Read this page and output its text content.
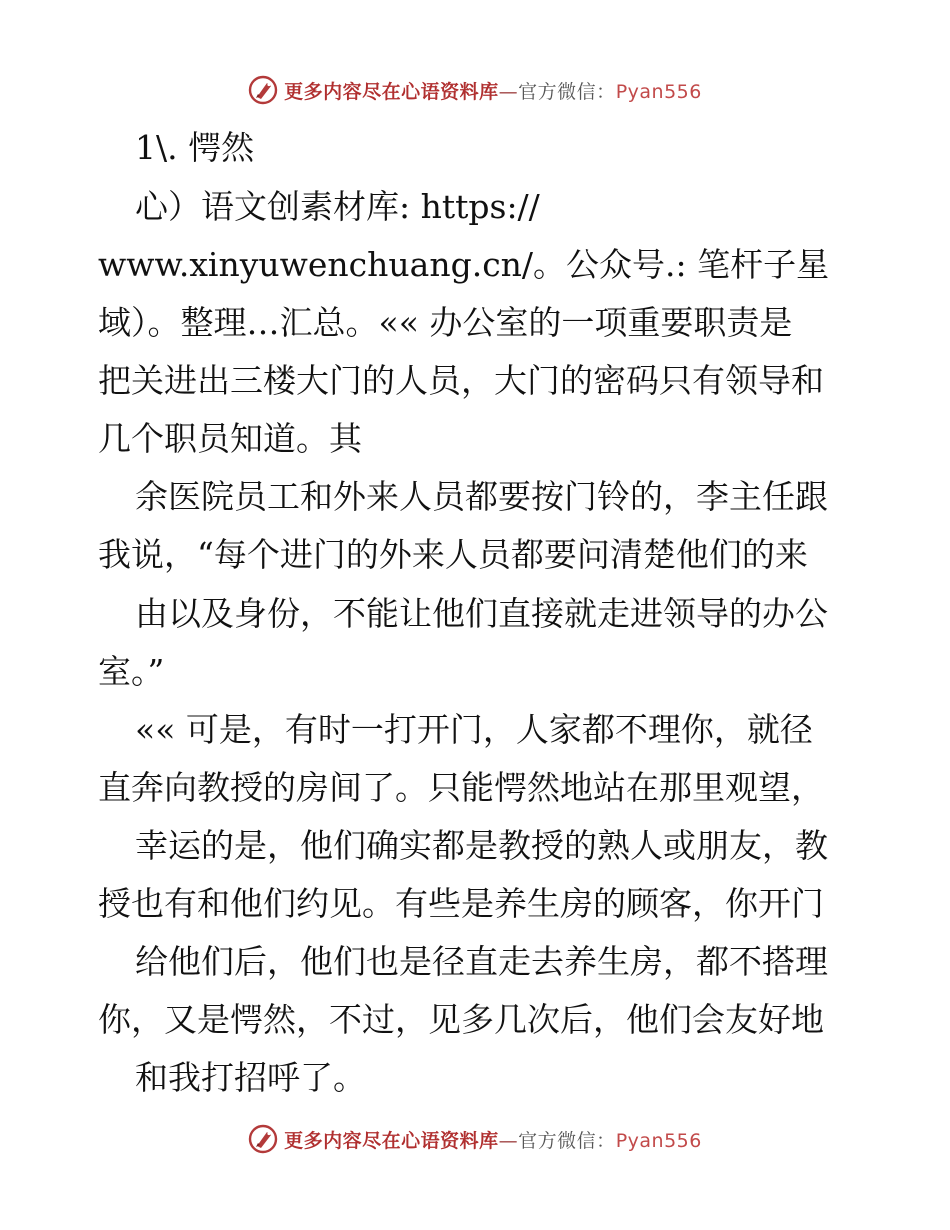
更多内容尽在心语资料库—官方微信：Pyan556
1\. 愕然
心）语文创素材库: https://
www.xinyuwenchuang.cn/。公众号.: 笔杆子星
域）。整理…汇总。«« 办公室的一项重要职责是
把关进出三楼大门的人员，大门的密码只有领导和
几个职员知道。其
余医院员工和外来人员都要按门铃的，李主任跟
我说，“每个进门的外来人员都要问清楚他们的来
由以及身份，不能让他们直接就走进领导的办公
室。”
«« 可是，有时一打开门，人家都不理你，就径
直奔向教授的房间了。只能愕然地站在那里观望，
幸运的是，他们确实都是教授的熟人或朋友，教
授也有和他们约见。有些是养生房的顾客，你开门
给他们后，他们也是径直走去养生房，都不搭理
你，又是愕然，不过，见多几次后，他们会友好地
和我打招呼了。
更多内容尽在心语资料库—官方微信：Pyan556
